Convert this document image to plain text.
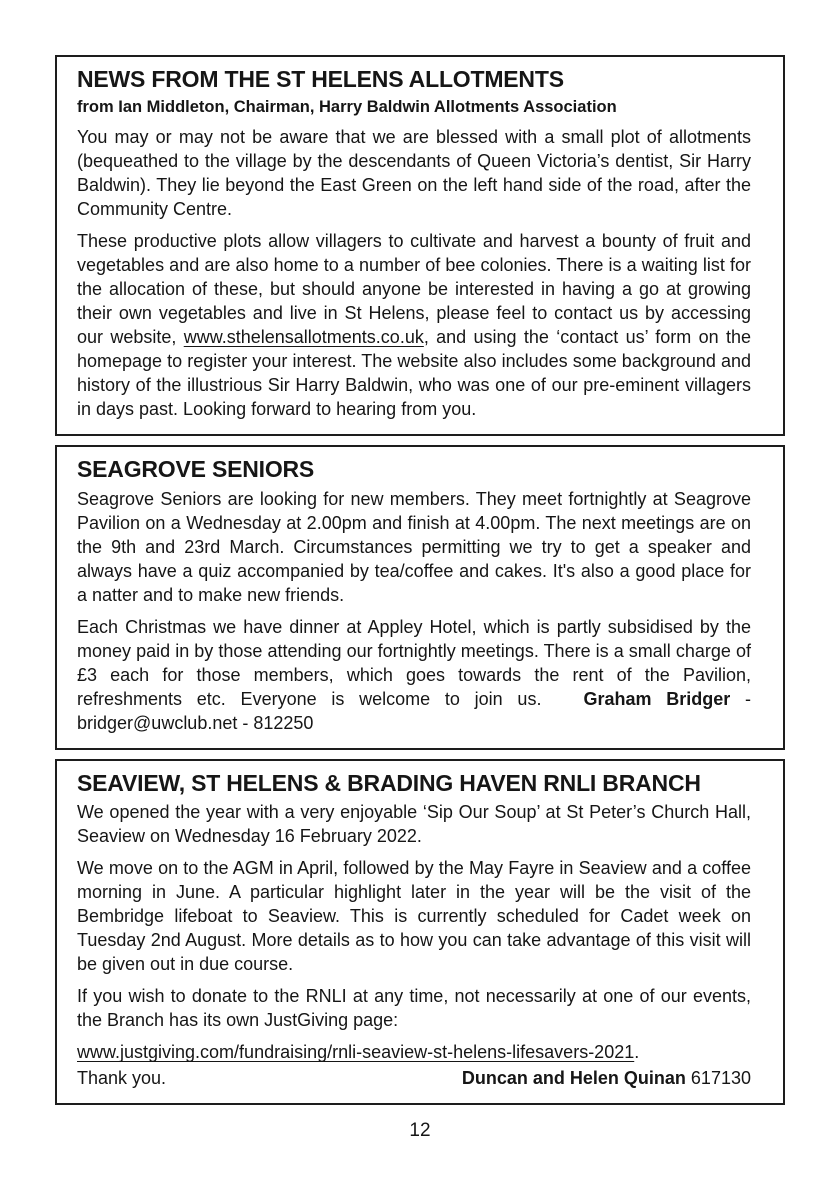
NEWS FROM THE ST HELENS ALLOTMENTS

from Ian Middleton, Chairman, Harry Baldwin Allotments Association

You may or may not be aware that we are blessed with a small plot of allotments (bequeathed to the village by the descendants of Queen Victoria’s dentist, Sir Harry Baldwin). They lie beyond the East Green on the left hand side of the road, after the Community Centre.

These productive plots allow villagers to cultivate and harvest a bounty of fruit and vegetables and are also home to a number of bee colonies. There is a waiting list for the allocation of these, but should anyone be interested in having a go at growing their own vegetables and live in St Helens, please feel to contact us by accessing our website, www.sthelensallotments.co.uk, and using the ‘contact us’ form on the homepage to register your interest. The website also includes some background and history of the illustrious Sir Harry Baldwin, who was one of our pre-eminent villagers in days past. Looking forward to hearing from you.

SEAGROVE SENIORS

Seagrove Seniors are looking for new members. They meet fortnightly at Seagrove Pavilion on a Wednesday at 2.00pm and finish at 4.00pm. The next meetings are on the 9th and 23rd March. Circumstances permitting we try to get a speaker and always have a quiz accompanied by tea/coffee and cakes. It's also a good place for a natter and to make new friends.

Each Christmas we have dinner at Appley Hotel, which is partly subsidised by the money paid in by those attending our fortnightly meetings. There is a small charge of £3 each for those members, which goes towards the rent of the Pavilion, refreshments etc. Everyone is welcome to join us. Graham Bridger - bridger@uwclub.net - 812250

SEAVIEW, ST HELENS & BRADING HAVEN RNLI BRANCH

We opened the year with a very enjoyable ‘Sip Our Soup’ at St Peter’s Church Hall, Seaview on Wednesday 16 February 2022.

We move on to the AGM in April, followed by the May Fayre in Seaview and a coffee morning in June. A particular highlight later in the year will be the visit of the Bembridge lifeboat to Seaview. This is currently scheduled for Cadet week on Tuesday 2nd August. More details as to how you can take advantage of this visit will be given out in due course.

If you wish to donate to the RNLI at any time, not necessarily at one of our events, the Branch has its own JustGiving page:

www.justgiving.com/fundraising/rnli-seaview-st-helens-lifesavers-2021.

Thank you.	Duncan and Helen Quinan 617130
12
